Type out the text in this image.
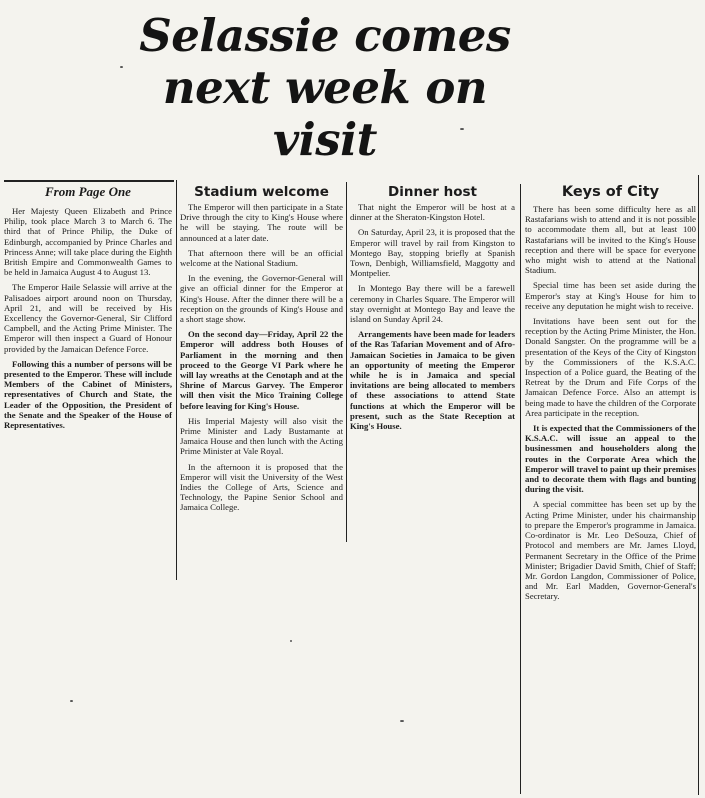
Selassie comes next week on visit
From Page One

Her Majesty Queen Elizabeth and Prince Philip, took place March 3 to March 6. The third that of Prince Philip, the Duke of Edinburgh, accompanied by Prince Charles and Princess Anne; will take place during the Eighth British Empire and Commonwealth Games to be held in Jamaica August 4 to August 13.

The Emperor Haile Selassie will arrive at the Palisadoes airport around noon on Thursday, April 21, and will be received by His Excellency the Governor-General, Sir Clifford Campbell, and the Acting Prime Minister. The Emperor will then inspect a Guard of Honour provided by the Jamaican Defence Force.

Following this a number of persons will be presented to the Emperor. These will include Members of the Cabinet of Ministers, representatives of Church and State, the Leader of the Opposition, the President of the Senate and the Speaker of the House of Representatives.

Stadium welcome

The Emperor will then participate in a State Drive through the city to King's House where he will be staying. The route will be announced at a later date.

That afternoon there will be an official welcome at the National Stadium.

In the evening, the Governor-General will give an official dinner for the Emperor at King's House. After the dinner there will be a reception on the grounds of King's House and a short stage show.

On the second day—Friday, April 22 the Emperor will address both Houses of Parliament in the morning and then proceed to the George VI Park where he will lay wreaths at the Cenotaph and at the Shrine of Marcus Garvey. The Emperor will then visit the Mico Training College before leaving for King's House.

His Imperial Majesty will also visit the Prime Minister and Lady Bustamante at Jamaica House and then lunch with the Acting Prime Minister at Vale Royal.

In the afternoon it is proposed that the Emperor will visit the University of the West Indies the College of Arts, Science and Technology, the Papine Senior School and Jamaica College.

Dinner host

That night the Emperor will be host at a dinner at the Sheraton-Kingston Hotel.

On Saturday, April 23, it is proposed that the Emperor will travel by rail from Kingston to Montego Bay, stopping briefly at Spanish Town, Denbigh, Williamsfield, Maggotty and Montpelier.

In Montego Bay there will be a farewell ceremony in Charles Square. The Emperor will stay overnight at Montego Bay and leave the island on Sunday April 24.

Arrangements have been made for leaders of the Ras Tafarian Movement and of Afro-Jamaican Societies in Jamaica to be given an opportunity of meeting the Emperor while he is in Jamaica and special invitations are being allocated to members of these associations to attend State functions at which the Emperor will be present, such as the State Reception at King's House.

Keys of City

There has been some difficulty here as all Rastafarians wish to attend and it is not possible to accommodate them all, but at least 100 Rastafarians will be invited to the King's House reception and there will be space for everyone who might wish to attend at the National Stadium.

Special time has been set aside during the Emperor's stay at King's House for him to receive any deputation he might wish to receive.

Invitations have been sent out for the reception by the Acting Prime Minister, the Hon. Donald Sangster. On the programme will be a presentation of the Keys of the City of Kingston by the Commissioners of the K.S.A.C. Inspection of a Police guard, the Beating of the Retreat by the Drum and Fife Corps of the Jamaican Defence Force. Also an attempt is being made to have the children of the Corporate Area participate in the reception.

It is expected that the Commissioners of the K.S.A.C. will issue an appeal to the businessmen and householders along the routes in the Corporate Area which the Emperor will travel to paint up their premises and to decorate them with flags and bunting during the visit.

A special committee has been set up by the Acting Prime Minister, under his chairmanship to prepare the Emperor's programme in Jamaica. Co-ordinator is Mr. Leo DeSouza, Chief of Protocol and members are Mr. James Lloyd, Permanent Secretary in the Office of the Prime Minister; Brigadier David Smith, Chief of Staff; Mr. Gordon Langdon, Commissioner of Police, and Mr. Earl Madden, Governor-General's Secretary.
